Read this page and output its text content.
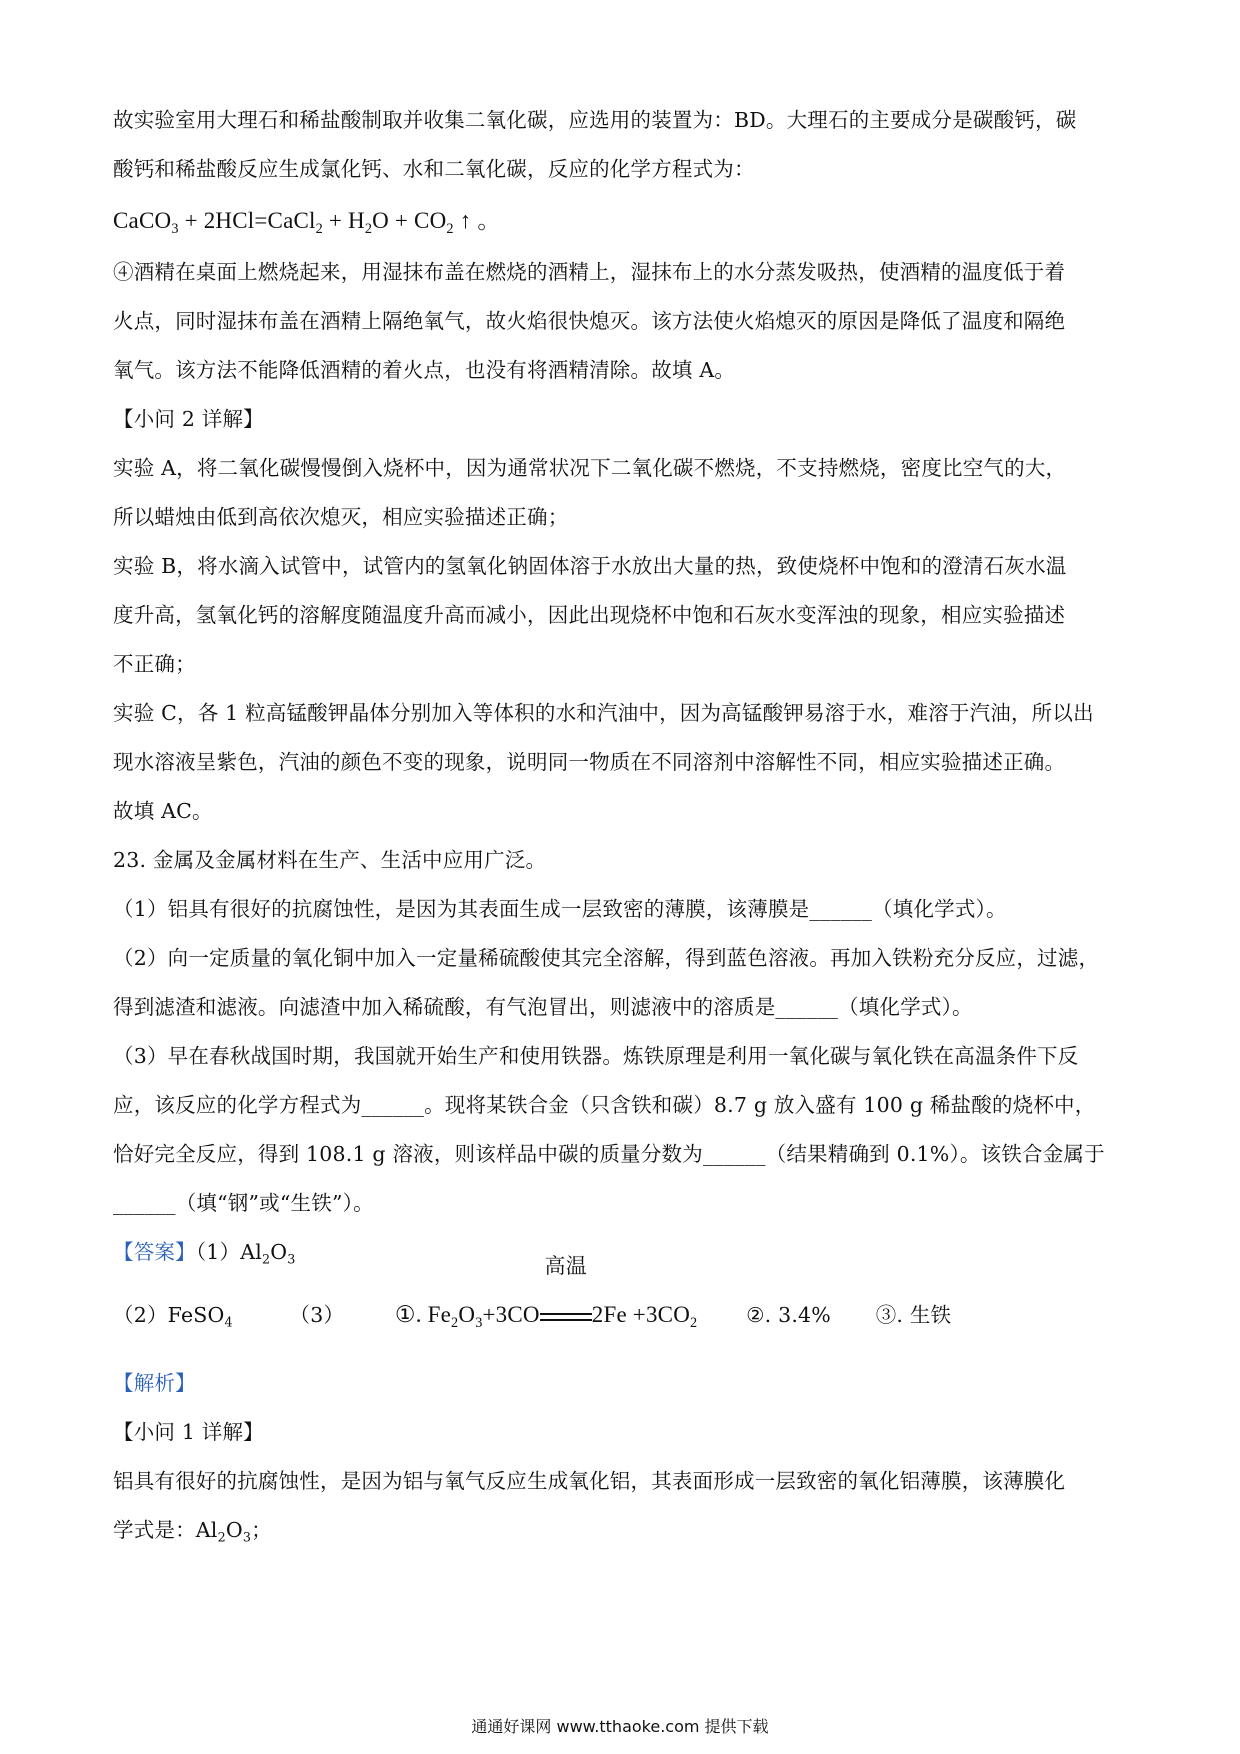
故实验室用大理石和稀盐酸制取并收集二氧化碳，应选用的装置为：BD。大理石的主要成分是碳酸钙，碳
酸钙和稀盐酸反应生成氯化钙、水和二氧化碳，反应的化学方程式为：
CaCO$_3$ + 2HCl=CaCl$_2$ + $H_2O + CO_2$ ↑ 。
④酒精在桌面上燃烧起来，用湿抹布盖在燃烧的酒精上，湿抹布上的水分蒸发吸热，使酒精的温度低于着
火点，同时湿抹布盖在酒精上隔绝氧气，故火焰很快熄灭。该方法使火焰熄灭的原因是降低了温度和隔绝
氧气。该方法不能降低酒精的着火点，也没有将酒精清除。故填 A。
【小问 2 详解】
实验 A，将二氧化碳慢慢倒入烧杯中，因为通常状况下二氧化碳不燃烧，不支持燃烧，密度比空气的大，
所以蜡烛由低到高依次熄灭，相应实验描述正确；
实验 B，将水滴入试管中，试管内的氢氧化钠固体溶于水放出大量的热，致使烧杯中饱和的澄清石灰水温
度升高，氢氧化钙的溶解度随温度升高而减小，因此出现烧杯中饱和石灰水变浑浊的现象，相应实验描述
不正确；
实验 C，各 1 粒高锰酸钾晶体分别加入等体积的水和汽油中，因为高锰酸钾易溶于水，难溶于汽油，所以出
现水溶液呈紫色，汽油的颜色不变的现象，说明同一物质在不同溶剂中溶解性不同，相应实验描述正确。
故填 AC。
23. 金属及金属材料在生产、生活中应用广泛。
（1）铝具有很好的抗腐蚀性，是因为其表面生成一层致密的薄膜，该薄膜是______（填化学式）。
（2）向一定质量的氧化铜中加入一定量稀硫酸使其完全溶解，得到蓝色溶液。再加入铁粉充分反应，过滤，
得到滤渣和滤液。向滤渣中加入稀硫酸，有气泡冒出，则滤液中的溶质是______（填化学式）。
（3）早在春秋战国时期，我国就开始生产和使用铁器。炼铁原理是利用一氧化碳与氧化铁在高温条件下反
应，该反应的化学方程式为______。现将某铁合金（只含铁和碳）8.7 g 放入盛有 100 g 稀盐酸的烧杯中，
恰好完全反应，得到 108.1 g 溶液，则该样品中碳的质量分数为______（结果精确到 0.1%）。该铁合金属于
______（填“钢”或“生铁”）。
【答案】$(1)Al_2O_3$
（2）FeSO$_4$	（3） ①. $Fe_2O_3+3CO$
高温
$2Fe +3CO_2$ ②. 3.4% ③. 生铁
【解析】
【小问 1 详解】
铝具有很好的抗腐蚀性，是因为铝与氧气反应生成氧化铝，其表面形成一层致密的氧化铝薄膜，该薄膜化
学式是：$Al_2O_3$；
通通好课网 www.tthaoke.com 提供下载
